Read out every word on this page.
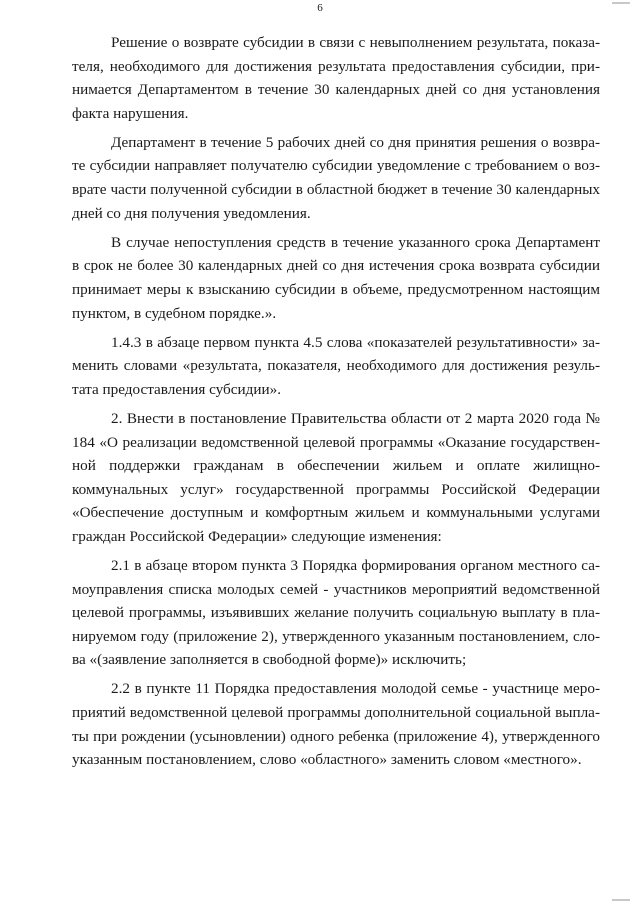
6

Решение о возврате субсидии в связи с невыполнением результата, показателя, необходимого для достижения результата предоставления субсидии, принимается Департаментом в течение 30 календарных дней со дня установления факта нарушения.

Департамент в течение 5 рабочих дней со дня принятия решения о возврате субсидии направляет получателю субсидии уведомление с требованием о возврате части полученной субсидии в областной бюджет в течение 30 календарных дней со дня получения уведомления.

В случае непоступления средств в течение указанного срока Департамент в срок не более 30 календарных дней со дня истечения срока возврата субсидии принимает меры к взысканию субсидии в объеме, предусмотренном настоящим пунктом, в судебном порядке.».

1.4.3 в абзаце первом пункта 4.5 слова «показателей результативности» заменить словами «результата, показателя, необходимого для достижения результата предоставления субсидии».

2. Внести в постановление Правительства области от 2 марта 2020 года № 184 «О реализации ведомственной целевой программы «Оказание государственной поддержки гражданам в обеспечении жильем и оплате жилищно-коммунальных услуг» государственной программы Российской Федерации «Обеспечение доступным и комфортным жильем и коммунальными услугами граждан Российской Федерации» следующие изменения:

2.1 в абзаце втором пункта 3 Порядка формирования органом местного самоуправления списка молодых семей - участников мероприятий ведомственной целевой программы, изъявивших желание получить социальную выплату в планируемом году (приложение 2), утвержденного указанным постановлением, слова «(заявление заполняется в свободной форме)» исключить;

2.2 в пункте 11 Порядка предоставления молодой семье - участнице мероприятий ведомственной целевой программы дополнительной социальной выплаты при рождении (усыновлении) одного ребенка (приложение 4), утвержденного указанным постановлением, слово «областного» заменить словом «местного».
